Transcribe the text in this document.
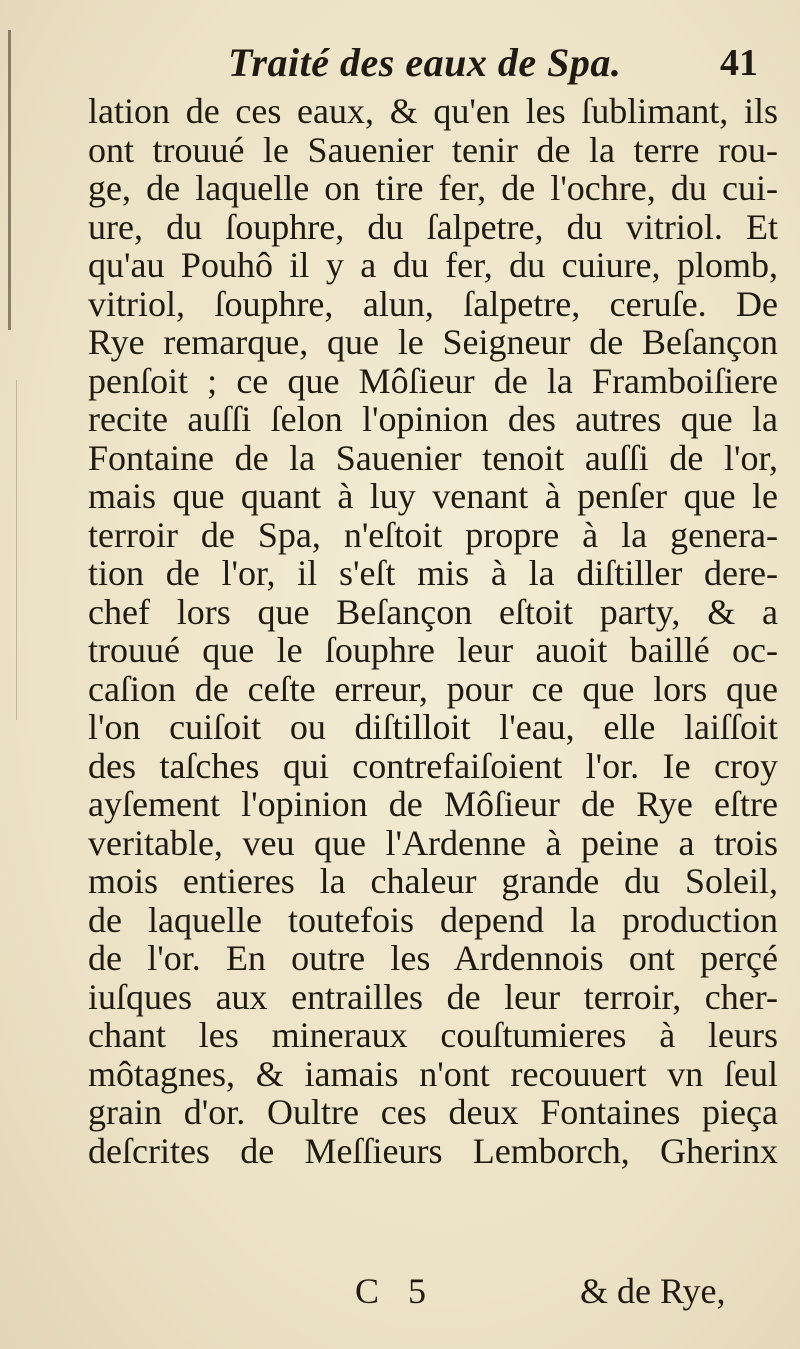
Traité des eaux de Spa.	41
lation de ces eaux, & qu'en les ſublimant, ils
ont trouué le Sauenier tenir de la terre rou-
ge, de laquelle on tire fer, de l'ochre, du cui-
ure, du ſouphre, du ſalpetre, du vitriol. Et
qu'au Pouhô il y a du fer, du cuiure, plomb,
vitriol, ſouphre, alun, ſalpetre, ceruſe. De
Rye remarque, que le Seigneur de Beſançon
penſoit ; ce que Môſieur de la Framboiſiere
recite auſſi ſelon l'opinion des autres que la
Fontaine de la Sauenier tenoit auſſi de l'or,
mais que quant à luy venant à penſer que le
terroir de Spa, n'eſtoit propre à la genera-
tion de l'or, il s'eſt mis à la diſtiller dere-
chef lors que Beſançon eſtoit party, & a
trouué que le ſouphre leur auoit baillé oc-
caſion de ceſte erreur, pour ce que lors que
l'on cuiſoit ou diſtilloit l'eau, elle laiſſoit
des taſches qui contrefaiſoient l'or. Ie croy
ayſement l'opinion de Môſieur de Rye eſtre
veritable, veu que l'Ardenne à peine a trois
mois entieres la chaleur grande du Soleil,
de laquelle toutefois depend la production
de l'or. En outre les Ardennois ont perçé
iuſques aux entrailles de leur terroir, cher-
chant les mineraux couſtumieres à leurs
môtagnes, & iamais n'ont recouuert vn ſeul
grain d'or. Oultre ces deux Fontaines pieça
deſcrites de Meſſieurs Lemborch, Gherinx
C 5	& de Rye,
